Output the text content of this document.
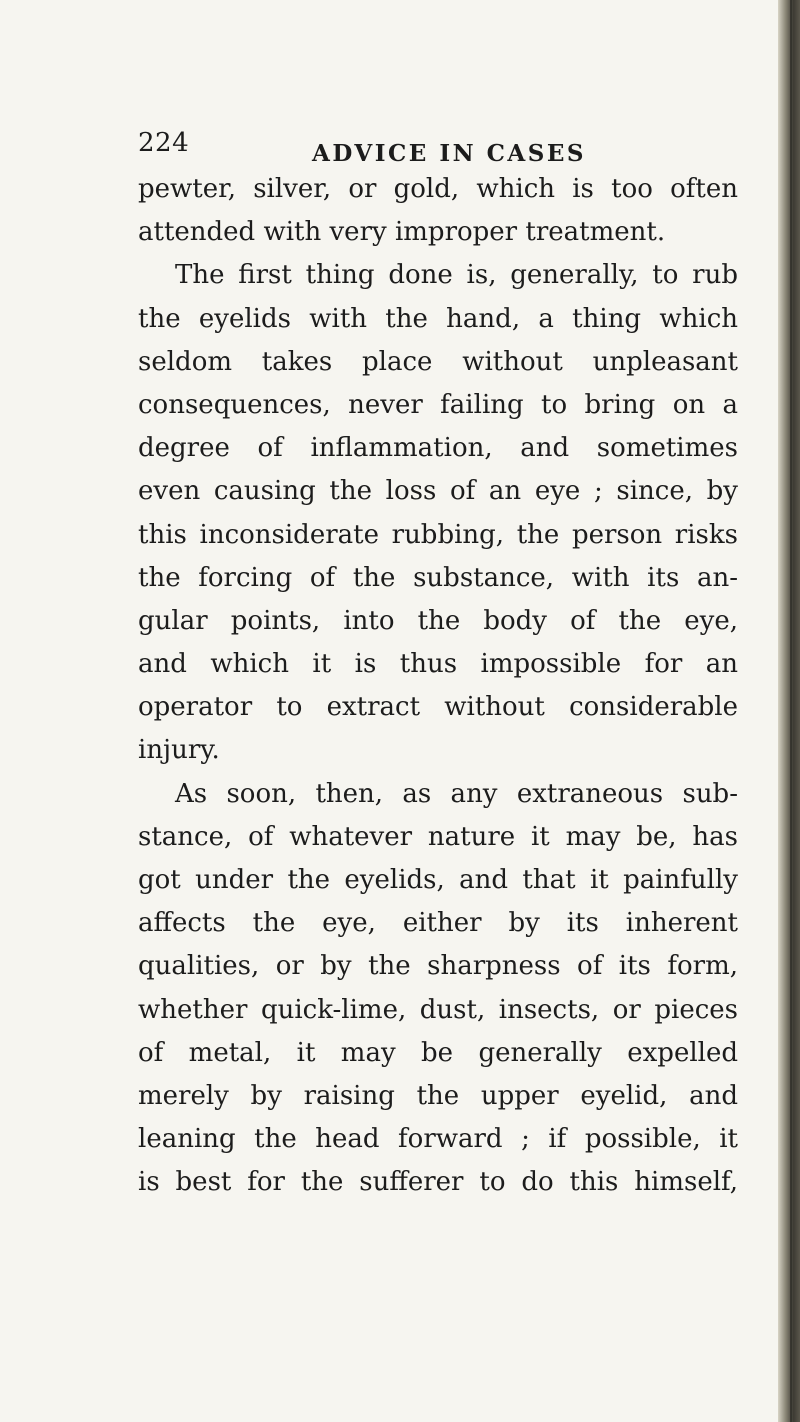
224	ADVICE IN CASES
pewter, silver, or gold, which is too often
attended with very improper treatment.
The first thing done is, generally, to rub
the eyelids with the hand, a thing which
seldom takes place without unpleasant
consequences, never failing to bring on a
degree of inflammation, and sometimes
even causing the loss of an eye ; since, by
this inconsiderate rubbing, the person risks
the forcing of the substance, with its an-
gular points, into the body of the eye,
and which it is thus impossible for an
operator to extract without considerable
injury.
As soon, then, as any extraneous sub-
stance, of whatever nature it may be, has
got under the eyelids, and that it painfully
affects the eye, either by its inherent
qualities, or by the sharpness of its form,
whether quick-lime, dust, insects, or pieces
of metal, it may be generally expelled
merely by raising the upper eyelid, and
leaning the head forward ; if possible, it
is best for the sufferer to do this himself,
